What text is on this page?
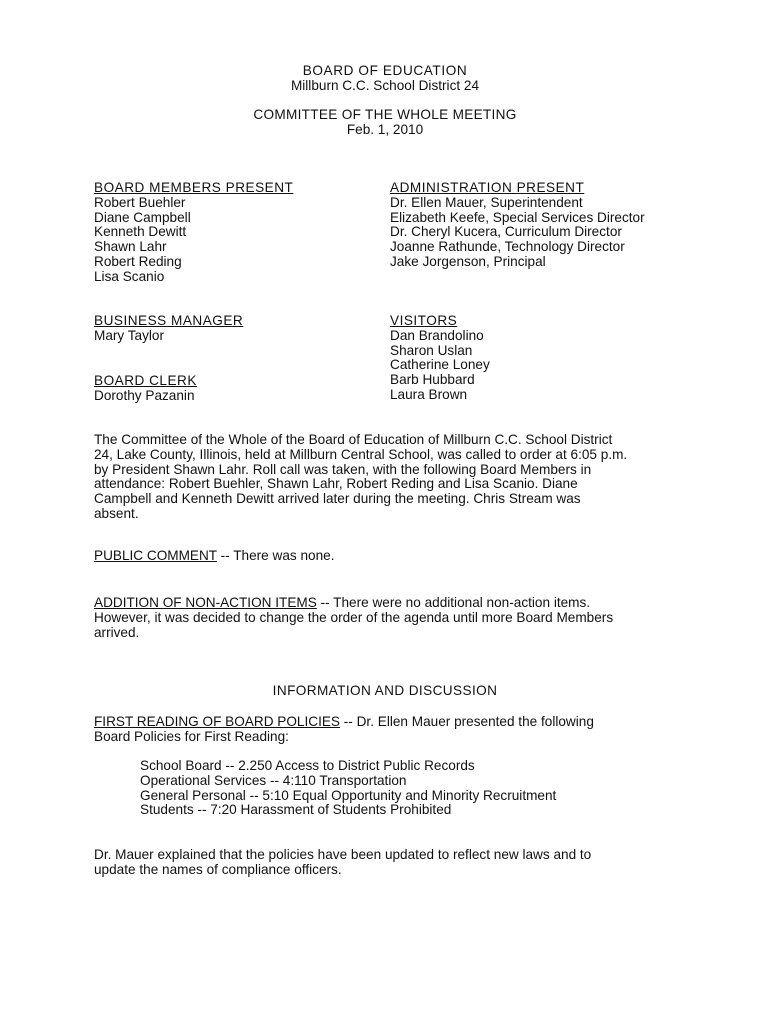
BOARD OF EDUCATION
Millburn C.C. School District 24
COMMITTEE OF THE WHOLE MEETING
Feb. 1, 2010
BOARD MEMBERS PRESENT
Robert Buehler
Diane Campbell
Kenneth Dewitt
Shawn Lahr
Robert Reding
Lisa Scanio
ADMINISTRATION PRESENT
Dr. Ellen Mauer, Superintendent
Elizabeth Keefe, Special Services Director
Dr. Cheryl Kucera, Curriculum Director
Joanne Rathunde, Technology Director
Jake Jorgenson, Principal
BUSINESS MANAGER
Mary Taylor
BOARD CLERK
Dorothy Pazanin
VISITORS
Dan Brandolino
Sharon Uslan
Catherine Loney
Barb Hubbard
Laura Brown
The Committee of the Whole of the Board of Education of Millburn C.C. School District
24, Lake County, Illinois, held at Millburn Central School, was called to order at 6:05 p.m.
by President Shawn Lahr. Roll call was taken, with the following Board Members in
attendance: Robert Buehler, Shawn Lahr, Robert Reding and Lisa Scanio. Diane
Campbell and Kenneth Dewitt arrived later during the meeting. Chris Stream was
absent.
PUBLIC COMMENT -- There was none.
ADDITION OF NON-ACTION ITEMS -- There were no additional non-action items.
However, it was decided to change the order of the agenda until more Board Members
arrived.
INFORMATION AND DISCUSSION
FIRST READING OF BOARD POLICIES -- Dr. Ellen Mauer presented the following
Board Policies for First Reading:
School Board -- 2.250 Access to District Public Records
Operational Services -- 4:110 Transportation
General Personal -- 5:10 Equal Opportunity and Minority Recruitment
Students -- 7:20 Harassment of Students Prohibited
Dr. Mauer explained that the policies have been updated to reflect new laws and to
update the names of compliance officers.
